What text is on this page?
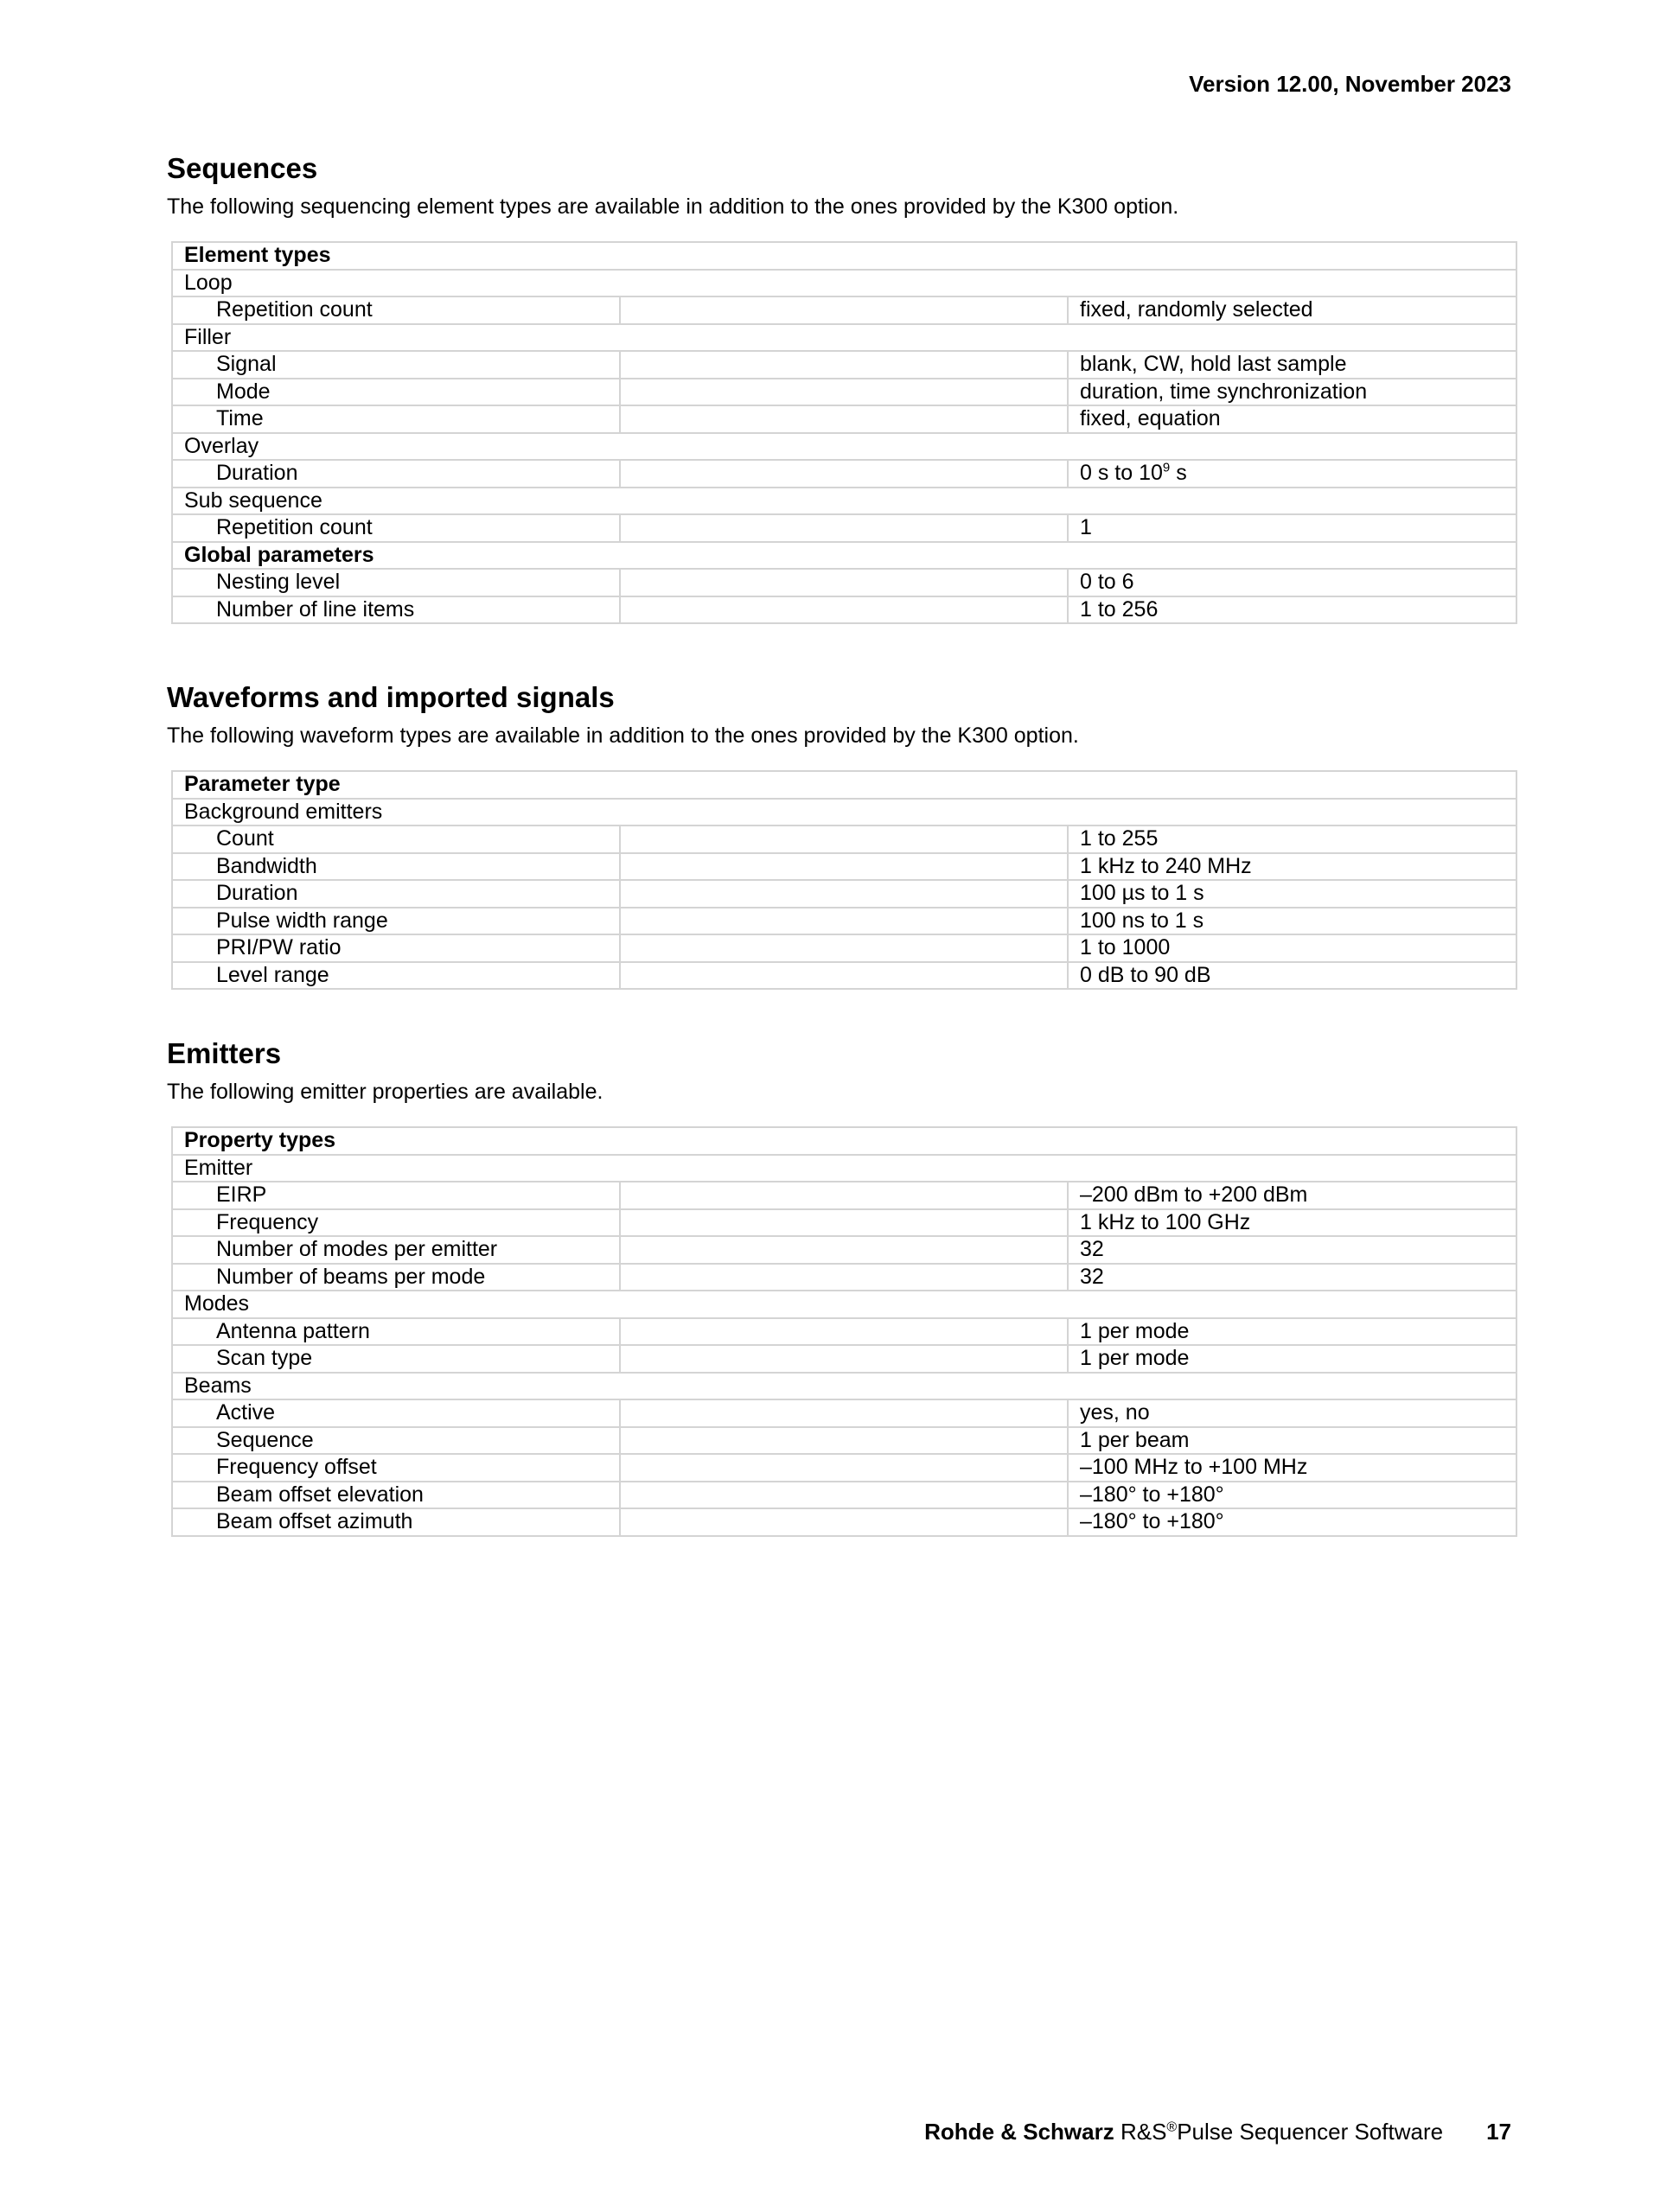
Version 12.00, November 2023
Sequences

The following sequencing element types are available in addition to the ones provided by the K300 option.

Element types		
Loop		
Repetition count		fixed, randomly selected
Filler		
Signal		blank, CW, hold last sample
Mode		duration, time synchronization
Time		fixed, equation
Overlay		
Duration		0 s to $10^9$ s
Sub sequence		
Repetition count		1
Global parameters		
Nesting level		0 to 6
Number of line items		1 to 256
Waveforms and imported signals

The following waveform types are available in addition to the ones provided by the K300 option.

Parameter type		
Background emitters		
Count		1 to 255
Bandwidth		1 kHz to 240 MHz
Duration		100 µs to 1 s
Pulse width range		100 ns to 1 s
PRI/PW ratio		1 to 1000
Level range		0 dB to 90 dB
Emitters

The following emitter properties are available.

Property types		
Emitter		
EIRP		–200 dBm to +200 dBm
Frequency		1 kHz to 100 GHz
Number of modes per emitter		32
Number of beams per mode		32
Modes		
Antenna pattern		1 per mode
Scan type		1 per mode
Beams		
Active		yes, no
Sequence		1 per beam
Frequency offset		–100 MHz to +100 MHz
Beam offset elevation		–180° to +180°
Beam offset azimuth		–180° to +180°
Rohde & Schwarz R&S®Pulse Sequencer Software 17
